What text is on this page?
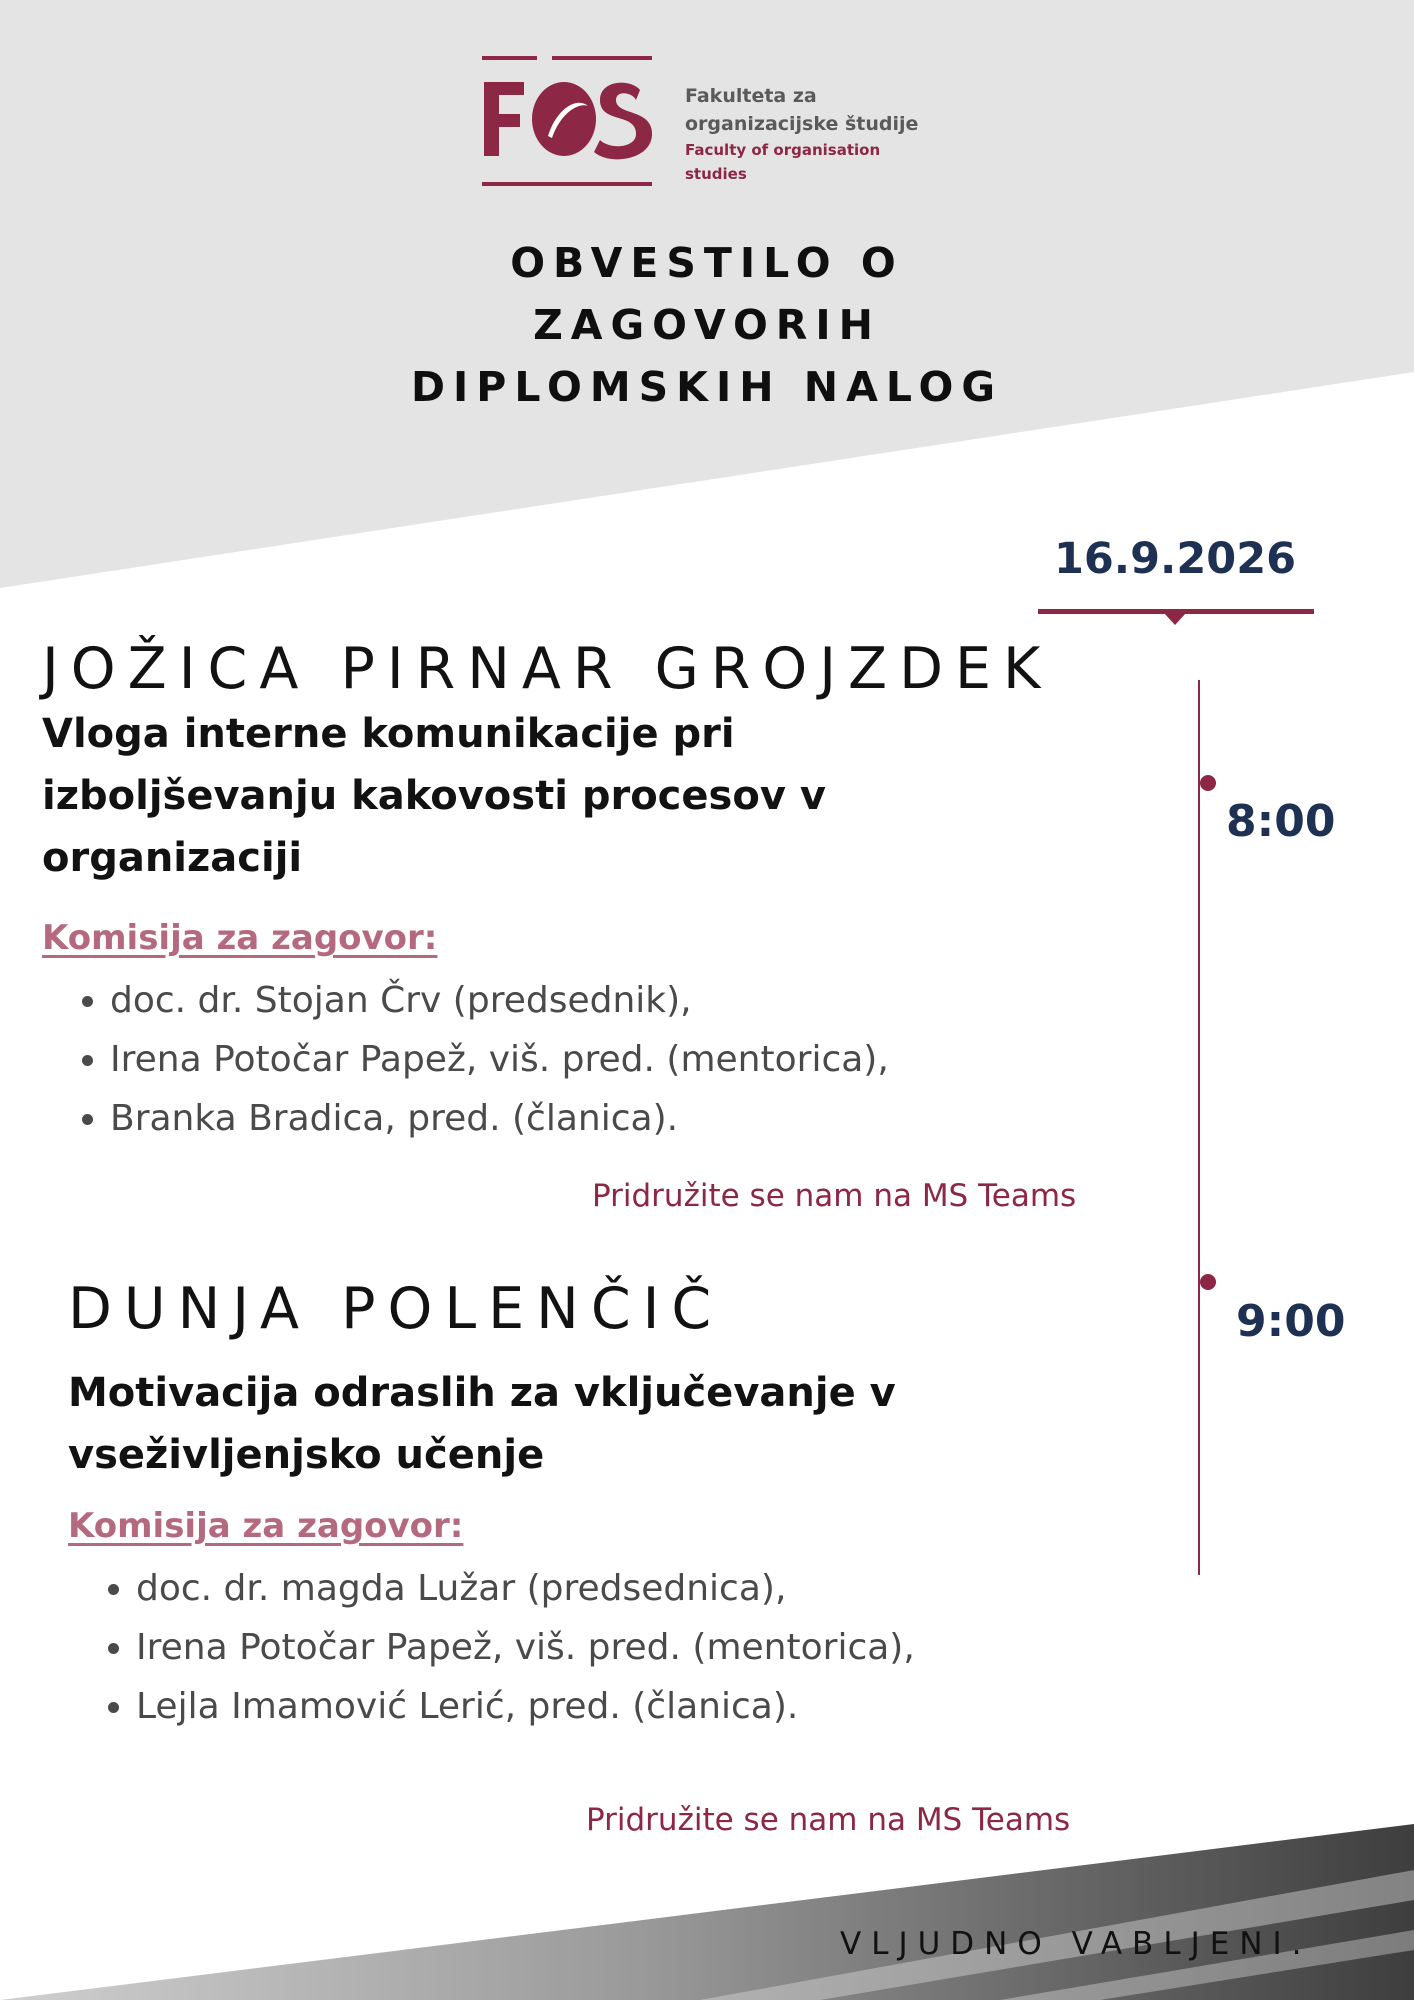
Fakulteta za
organizacijske študije
Faculty of organisation studies
OBVESTILO O
ZAGOVORIH
DIPLOMSKIH NALOG
16.9.2026
8:00
9:00
JOŽICA PIRNAR GROJZDEK
Vloga interne komunikacije pri
izboljševanju kakovosti procesov v
organizaciji
Komisija za zagovor:
• doc. dr. Stojan Črv (predsednik),
• Irena Potočar Papež, viš. pred. (mentorica),
• Branka Bradica, pred. (članica).
Pridružite se nam na MS Teams
DUNJA POLENČIČ
Motivacija odraslih za vključevanje v
vseživljenjsko učenje
Komisija za zagovor:
• doc. dr. magda Lužar (predsednica),
• Irena Potočar Papež, viš. pred. (mentorica),
• Lejla Imamović Lerić, pred. (članica).
Pridružite se nam na MS Teams
VLJUDNO VABLJENI.
